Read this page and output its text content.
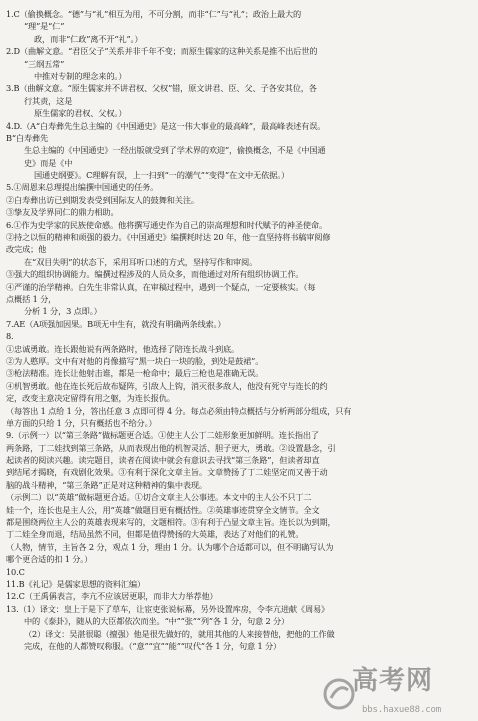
1.C（偷换概念。“德”与“礼”相互为用，不可分割，而非“仁”与“礼”；政治上最大的
“理”是“仁”
政，而非“仁政”离不开“礼”。）
2.D（曲解文意。“君臣父子”关系并非千年不变；而原生儒家的这种关系是推不出后世的
“三纲五常”
中推对专制的理念来的。）
3.B（曲解文意。“原生儒家并不讲君权、父权”错，原文讲君、臣、父、子各安其位，各
行其责，这是
原生儒家的君权、父权。）
4.D.（A“白寿彝先生总主编的《中国通史》是这一伟大事业的最高峰”，最高峰表述有误。
B“白寿彝先
生总主编的《中国通史》一经出版就受到了学术界的欢迎”，偷换概念，不是《中国通
史》而是《中
国通史纲要》。C理解有误，上一扫到“一的潮气”“变得”在文中无依据。）
5.①周恩来总理提出编撰中国通史的任务。
②白寿彝出访已到期发表受到国际友人的鼓舞和关注。
③挚友及学界同仁的鼎力相助。
6.①作为史学家的民族使命感。他将撰写通史作为自己的崇高理想和时代赋予的神圣使命。
②持之以恒的精神和顽强的毅力。《中国通史》编撰耗时达 20 年，他一直坚持将书稿审阅修
改完成；他
在“双目失明”的状态下，采用耳听口述的方式，坚持写作和审阅。
③强大的组织协调能力。编撰过程涉及的人员众多，而他通过对所有组织协调工作。
④严谨的治学精神。白先生非常认真，在审稿过程中，遇到一个疑点，一定要核实。（每
点概括 1 分，
分析 1 分，3 点即。）
7.AE（A项强加因果。B项无中生有，就没有明确两条线索。）
8.
①忠诚勇敢。连长跟他说有两条路时，他选择了陪连长战斗到底。
②为人憨厚。文中有对他的肖像描写“黑一块白一块的脸，到处是鼓裙”。
③枪法精准。连长让他射击谁，都是一枪命中；最后三枪也是准确无误。
④机智勇敢。他在连长死后故布疑阵，引敌人上钩，消灭很多敌人，他没有死守与连长的约
定，改变主意决定留得有用之躯，为连长报仇。
（每答出 1 点给 1 分，答出任意 3 点即可得 4 分。每点必须由特点概括与分析两部分组成，只有
单方面的只给 1 分，只有概括也不给分。）
9.（示例一）以“第三条路”做标题更合适。①使主人公丁二娃形象更加鲜明。连长指出了
两条路，丁二娃找到第三条路，从而表现出他的机智灵活、胆子更大，勇敢。②设置悬念，引
起读者的阅读兴趣。读完题目，读者在阅读中就会有意识去寻找“第三条路”，但读者却直
到结尾才揭晓，有戏剧化效果。③有利于深化文章主旨。文章赞扬了丁二娃坚定而又善于动
脑的战斗精神，“第三条路”正是对这种精神的集中表现。
（示例二）以“英雄”做标题更合适。①切合文章主人公事迹。本文中的主人公不只丁二
娃一个，连长也是主人公，用“英雄”做题目更有概括性。②英雄事迹贯穿全文情节。全文
都是围绕两位主人公的英雄表现来写的，文题相符。③有利于凸显文章主旨。连长以为到期，
丁二娃全身而退，结局虽然不同，但都是值得赞扬的大英雄，表达了对他们的礼赞。
（人物，情节，主旨各 2 分，观点 1 分，理由 1 分。认为哪个合适都可以，但不明确写认为
哪个更合适的扣 1 分。）
10.C
11.B《礼记》是儒家思想的资料汇编）
12.C（王禹偁表言，李亢不应该居更职，而非大力举荐他）
13.（1）译文：皇上于是下了草车，让宦吏张说标幕，另外设置库房，令李亢进献《周易》
中的《泰卦》，随从的大臣都依次而坐。“中”“张”“列”各 1 分，句意 2 分）
（2）译文：吴湛很聪（擅强）他是很先做好的，就用其他的人来接替他，把他的工作做
完成，在他的人都赞叹称服。（“意”“宜”“能”“叹代”各 1 分，句意 1 分）
高考网
bbs.haxue88.com
